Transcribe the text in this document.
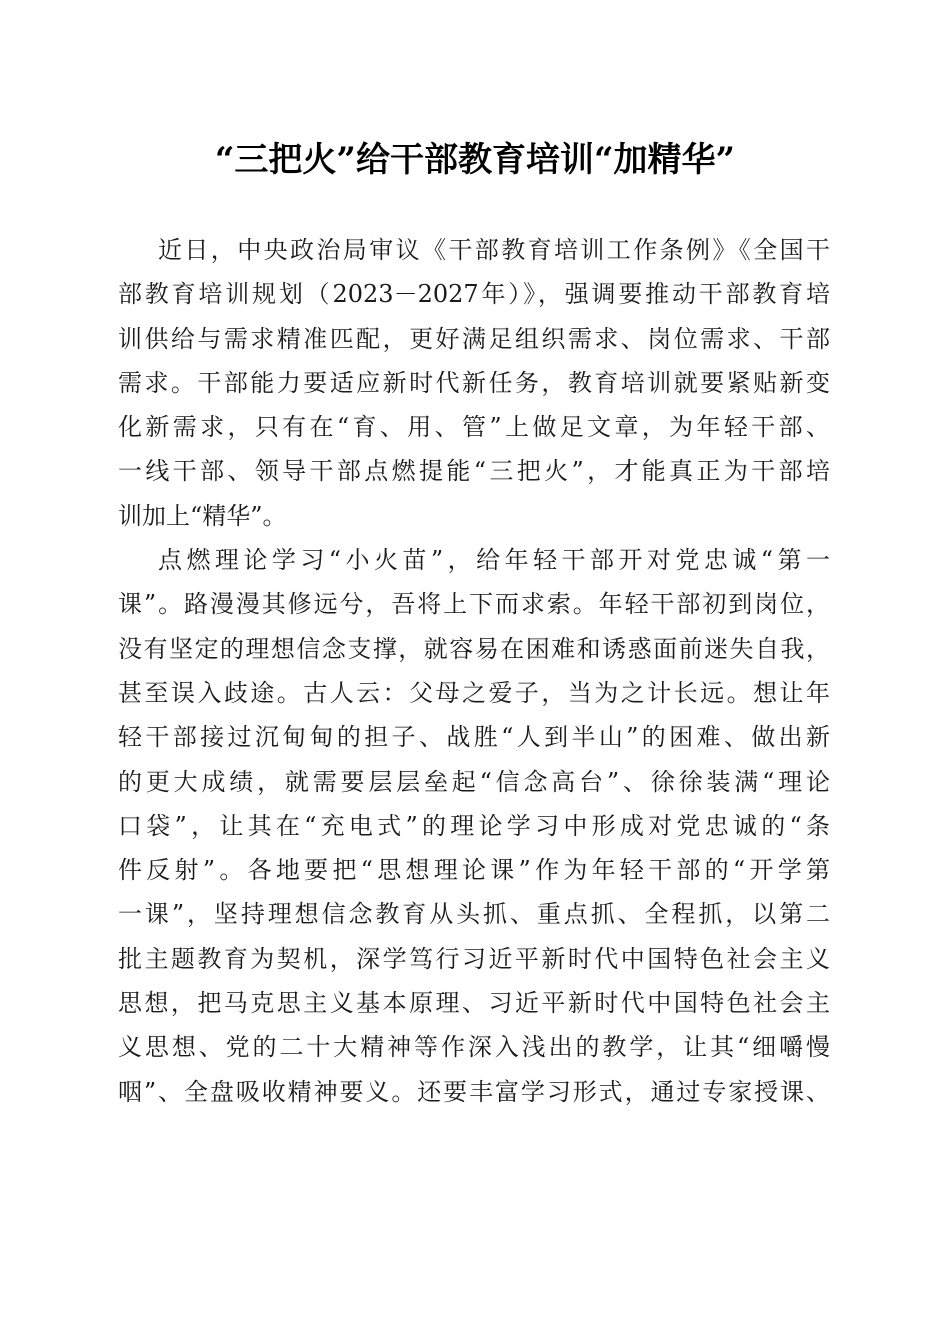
“三把火”给干部教育培训“加精华”
近日，中央政治局审议《干部教育培训工作条例》《全国干
部教育培训规划（2023－2027年）》，强调要推动干部教育培
训供给与需求精准匹配，更好满足组织需求、岗位需求、干部
需求。干部能力要适应新时代新任务，教育培训就要紧贴新变
化新需求，只有在“育、用、管”上做足文章，为年轻干部、
一线干部、领导干部点燃提能“三把火”，才能真正为干部培
训加上“精华”。
点燃理论学习“小火苗”，给年轻干部开对党忠诚“第一
课”。路漫漫其修远兮，吾将上下而求索。年轻干部初到岗位，
没有坚定的理想信念支撑，就容易在困难和诱惑面前迷失自我，
甚至误入歧途。古人云：父母之爱子，当为之计长远。想让年
轻干部接过沉甸甸的担子、战胜“人到半山”的困难、做出新
的更大成绩，就需要层层垒起“信念高台”、徐徐装满“理论
口袋”，让其在“充电式”的理论学习中形成对党忠诚的“条
件反射”。各地要把“思想理论课”作为年轻干部的“开学第
一课”，坚持理想信念教育从头抓、重点抓、全程抓，以第二
批主题教育为契机，深学笃行习近平新时代中国特色社会主义
思想，把马克思主义基本原理、习近平新时代中国特色社会主
义思想、党的二十大精神等作深入浅出的教学，让其“细嚼慢
咽”、全盘吸收精神要义。还要丰富学习形式，通过专家授课、
